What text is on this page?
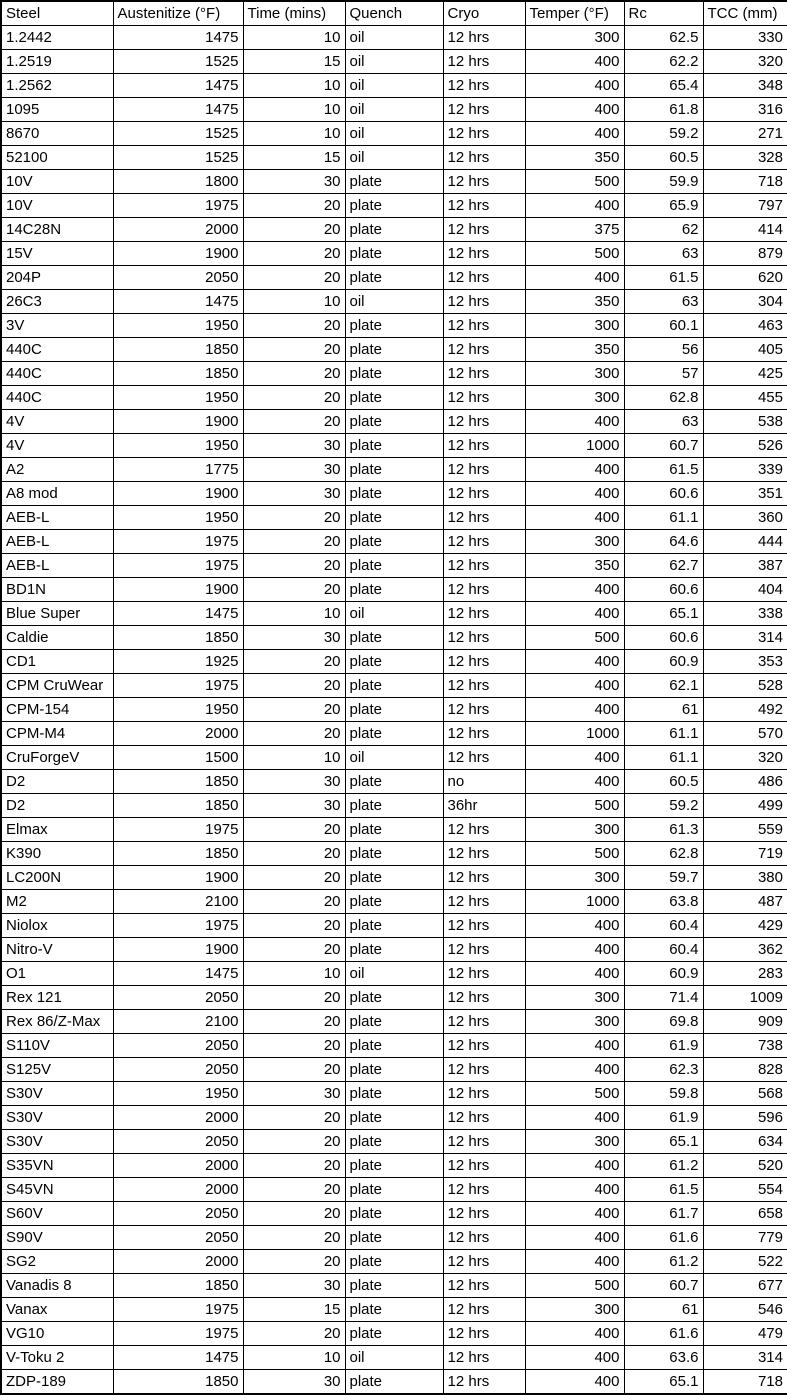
Steel	Austenitize (°F)	Time (mins)	Quench	Cryo	Temper (°F)	Rc	TCC (mm)
1.2442	1475	10	oil	12 hrs	300	62.5	330
1.2519	1525	15	oil	12 hrs	400	62.2	320
1.2562	1475	10	oil	12 hrs	400	65.4	348
1095	1475	10	oil	12 hrs	400	61.8	316
8670	1525	10	oil	12 hrs	400	59.2	271
52100	1525	15	oil	12 hrs	350	60.5	328
10V	1800	30	plate	12 hrs	500	59.9	718
10V	1975	20	plate	12 hrs	400	65.9	797
14C28N	2000	20	plate	12 hrs	375	62	414
15V	1900	20	plate	12 hrs	500	63	879
204P	2050	20	plate	12 hrs	400	61.5	620
26C3	1475	10	oil	12 hrs	350	63	304
3V	1950	20	plate	12 hrs	300	60.1	463
440C	1850	20	plate	12 hrs	350	56	405
440C	1850	20	plate	12 hrs	300	57	425
440C	1950	20	plate	12 hrs	300	62.8	455
4V	1900	20	plate	12 hrs	400	63	538
4V	1950	30	plate	12 hrs	1000	60.7	526
A2	1775	30	plate	12 hrs	400	61.5	339
A8 mod	1900	30	plate	12 hrs	400	60.6	351
AEB-L	1950	20	plate	12 hrs	400	61.1	360
AEB-L	1975	20	plate	12 hrs	300	64.6	444
AEB-L	1975	20	plate	12 hrs	350	62.7	387
BD1N	1900	20	plate	12 hrs	400	60.6	404
Blue Super	1475	10	oil	12 hrs	400	65.1	338
Caldie	1850	30	plate	12 hrs	500	60.6	314
CD1	1925	20	plate	12 hrs	400	60.9	353
CPM CruWear	1975	20	plate	12 hrs	400	62.1	528
CPM-154	1950	20	plate	12 hrs	400	61	492
CPM-M4	2000	20	plate	12 hrs	1000	61.1	570
CruForgeV	1500	10	oil	12 hrs	400	61.1	320
D2	1850	30	plate	no	400	60.5	486
D2	1850	30	plate	36hr	500	59.2	499
Elmax	1975	20	plate	12 hrs	300	61.3	559
K390	1850	20	plate	12 hrs	500	62.8	719
LC200N	1900	20	plate	12 hrs	300	59.7	380
M2	2100	20	plate	12 hrs	1000	63.8	487
Niolox	1975	20	plate	12 hrs	400	60.4	429
Nitro-V	1900	20	plate	12 hrs	400	60.4	362
O1	1475	10	oil	12 hrs	400	60.9	283
Rex 121	2050	20	plate	12 hrs	300	71.4	1009
Rex 86/Z-Max	2100	20	plate	12 hrs	300	69.8	909
S110V	2050	20	plate	12 hrs	400	61.9	738
S125V	2050	20	plate	12 hrs	400	62.3	828
S30V	1950	30	plate	12 hrs	500	59.8	568
S30V	2000	20	plate	12 hrs	400	61.9	596
S30V	2050	20	plate	12 hrs	300	65.1	634
S35VN	2000	20	plate	12 hrs	400	61.2	520
S45VN	2000	20	plate	12 hrs	400	61.5	554
S60V	2050	20	plate	12 hrs	400	61.7	658
S90V	2050	20	plate	12 hrs	400	61.6	779
SG2	2000	20	plate	12 hrs	400	61.2	522
Vanadis 8	1850	30	plate	12 hrs	500	60.7	677
Vanax	1975	15	plate	12 hrs	300	61	546
VG10	1975	20	plate	12 hrs	400	61.6	479
V-Toku 2	1475	10	oil	12 hrs	400	63.6	314
ZDP-189	1850	30	plate	12 hrs	400	65.1	718
